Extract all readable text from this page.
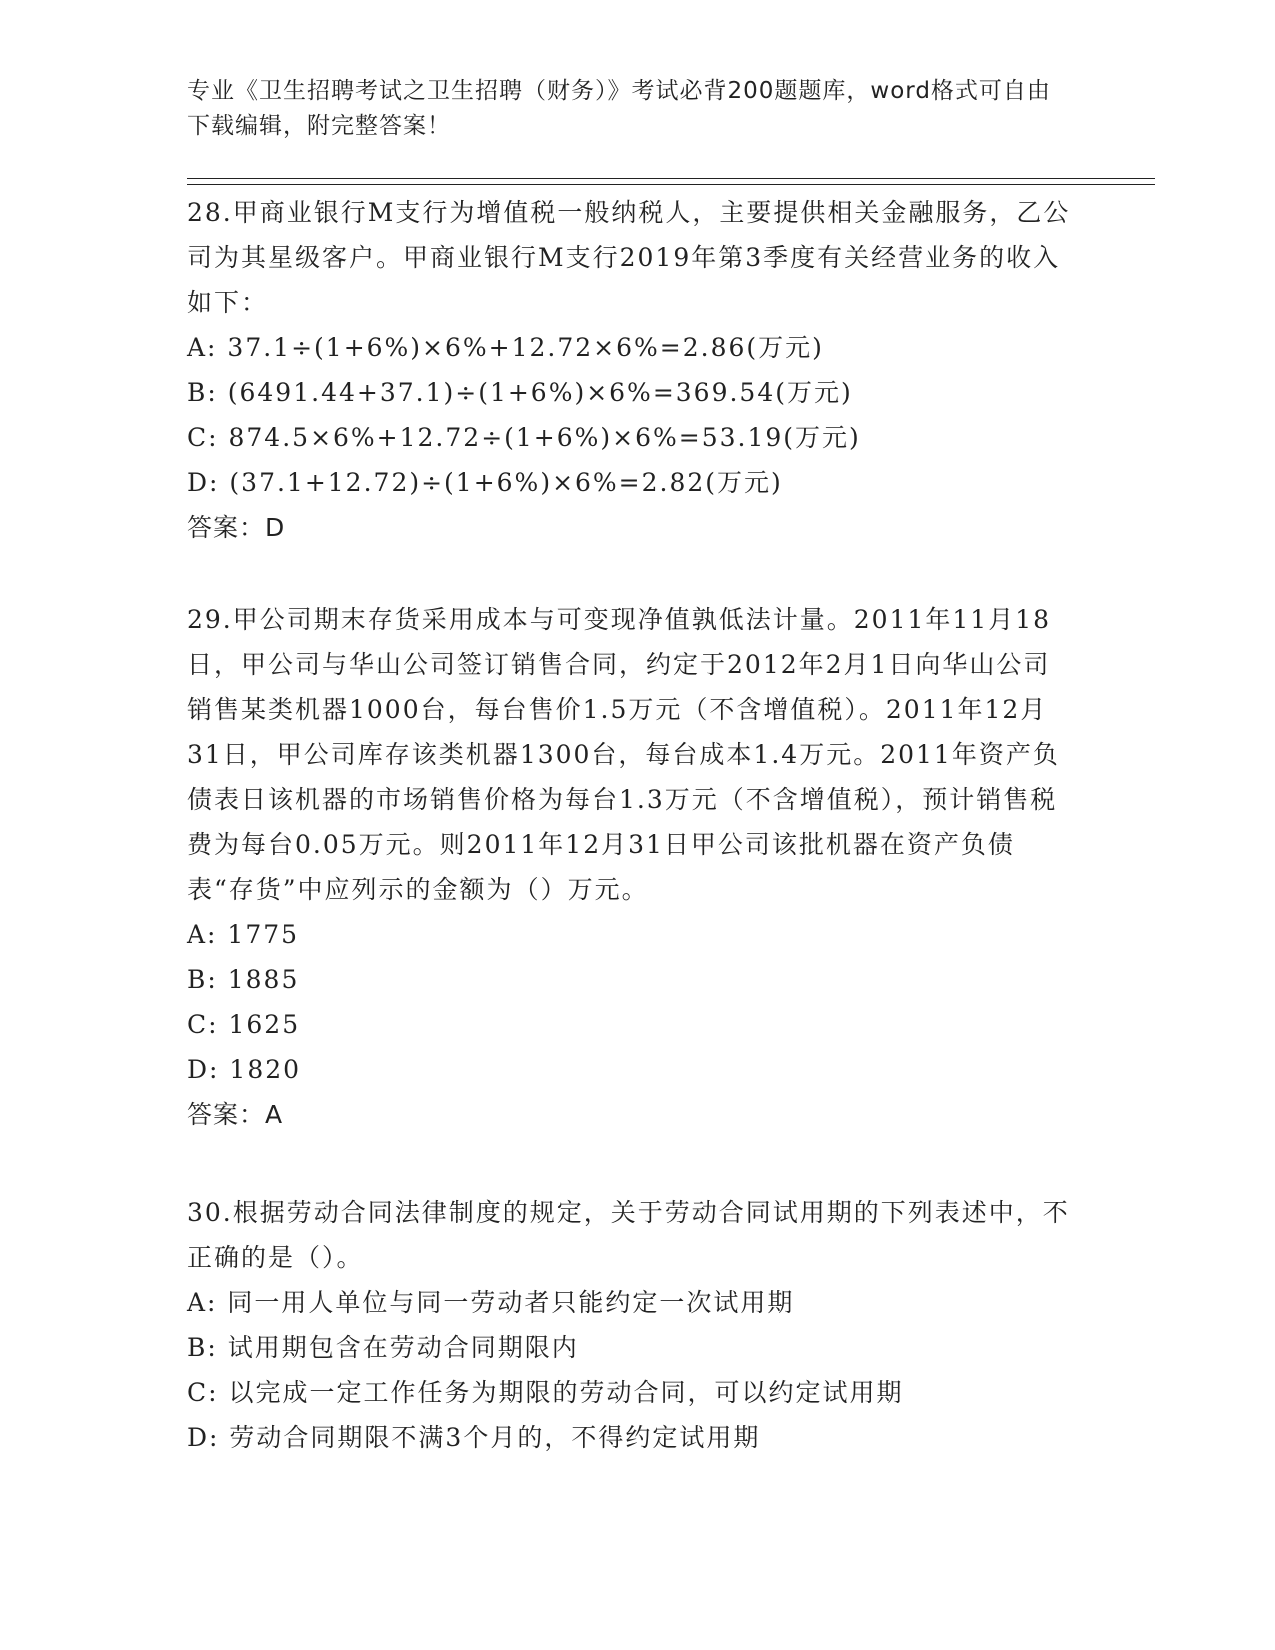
专业《卫生招聘考试之卫生招聘（财务）》考试必背200题题库，word格式可自由下载编辑，附完整答案！
28.甲商业银行M支行为增值税一般纳税人，主要提供相关金融服务，乙公司为其星级客户。甲商业银行M支行2019年第3季度有关经营业务的收入如下：
A: 37.1÷(1+6%)×6%+12.72×6%=2.86(万元)
B: (6491.44+37.1)÷(1+6%)×6%=369.54(万元)
C: 874.5×6%+12.72÷(1+6%)×6%=53.19(万元)
D: (37.1+12.72)÷(1+6%)×6%=2.82(万元)
答案：D
29.甲公司期末存货采用成本与可变现净值孰低法计量。2011年11月18日，甲公司与华山公司签订销售合同，约定于2012年2月1日向华山公司销售某类机器1000台，每台售价1.5万元（不含增值税）。2011年12月31日，甲公司库存该类机器1300台，每台成本1.4万元。2011年资产负债表日该机器的市场销售价格为每台1.3万元（不含增值税），预计销售税费为每台0.05万元。则2011年12月31日甲公司该批机器在资产负债表“存货”中应列示的金额为（）万元。
A: 1775
B: 1885
C: 1625
D: 1820
答案：A
30.根据劳动合同法律制度的规定，关于劳动合同试用期的下列表述中，不正确的是（）。
A: 同一用人单位与同一劳动者只能约定一次试用期
B: 试用期包含在劳动合同期限内
C: 以完成一定工作任务为期限的劳动合同，可以约定试用期
D: 劳动合同期限不满3个月的，不得约定试用期
